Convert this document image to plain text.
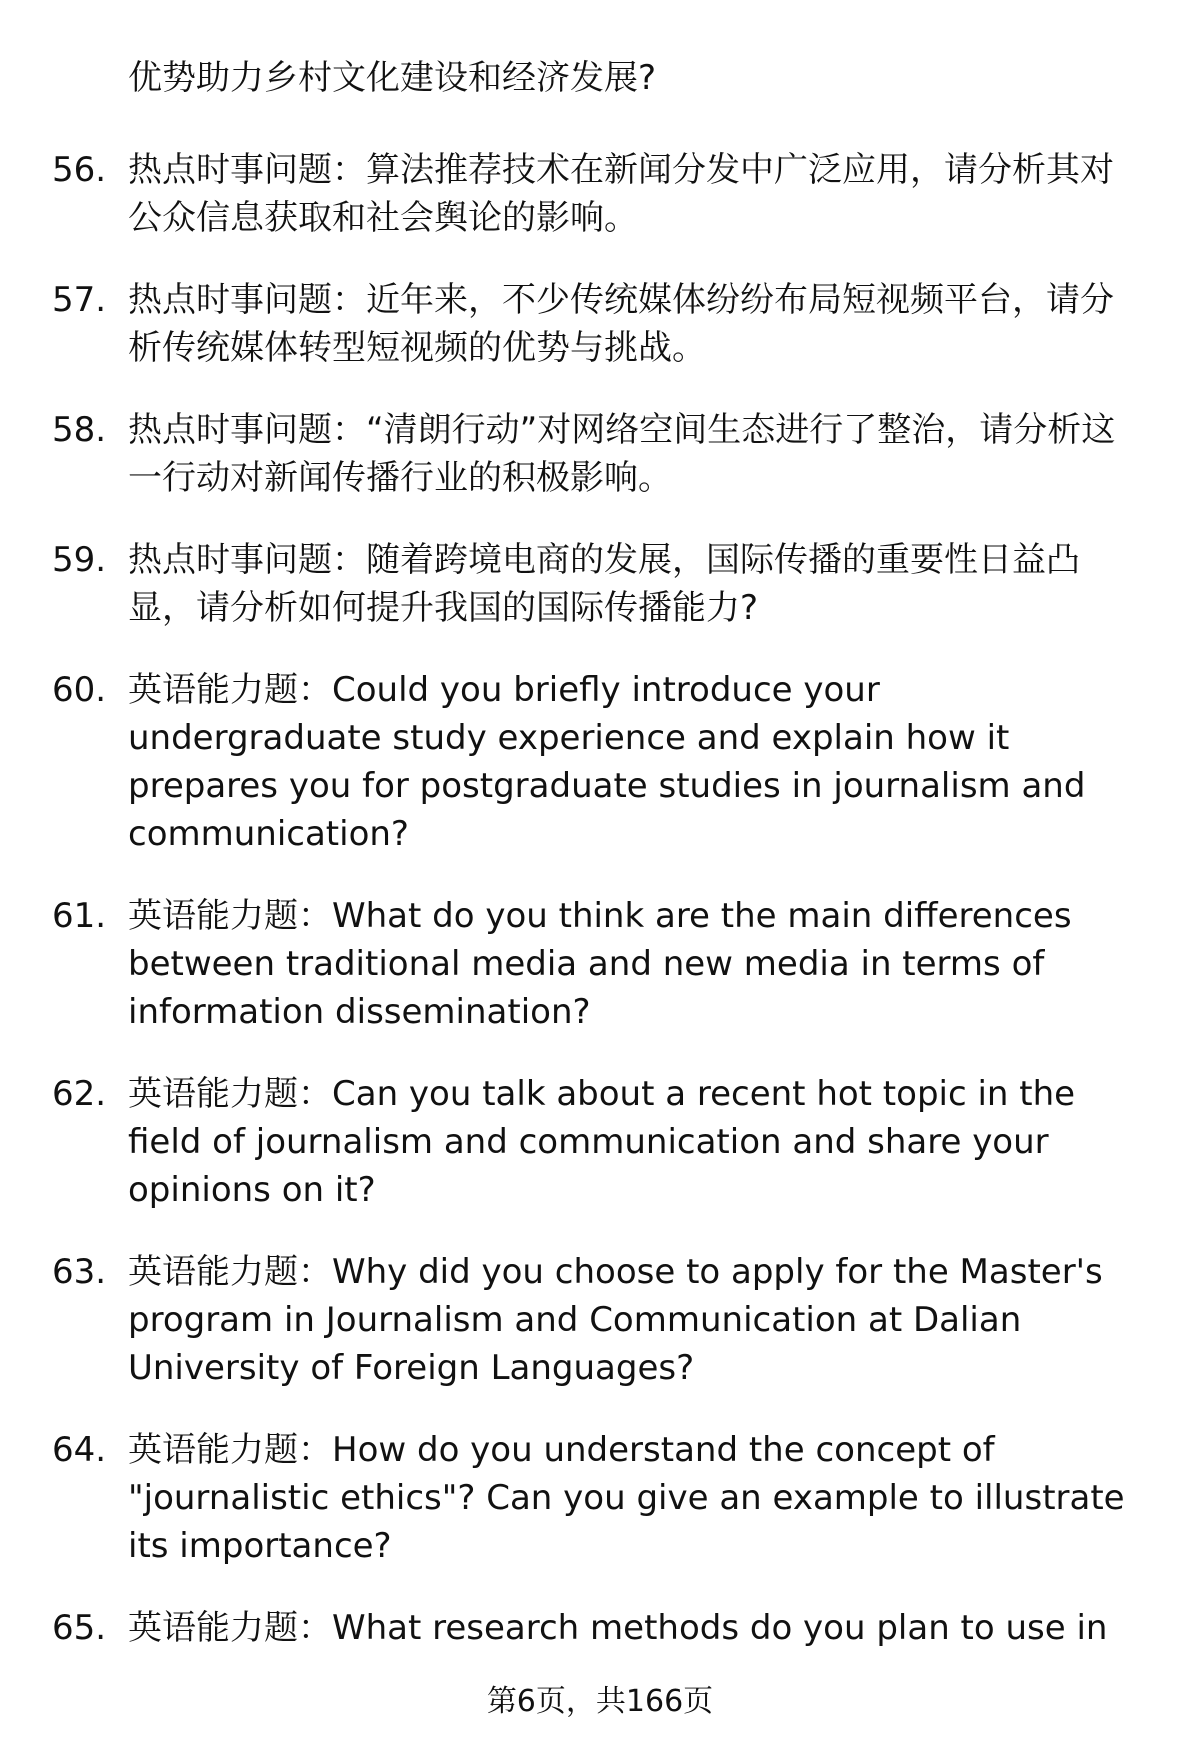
优势助力乡村文化建设和经济发展?
56. 热点时事问题：算法推荐技术在新闻分发中广泛应用，请分析其对公众信息获取和社会舆论的影响。
57. 热点时事问题：近年来，不少传统媒体纷纷布局短视频平台，请分析传统媒体转型短视频的优势与挑战。
58. 热点时事问题：“清朗行动”对网络空间生态进行了整治，请分析这一行动对新闻传播行业的积极影响。
59. 热点时事问题：随着跨境电商的发展，国际传播的重要性日益凸显，请分析如何提升我国的国际传播能力?
60. 英语能力题：Could you briefly introduce your undergraduate study experience and explain how it prepares you for postgraduate studies in journalism and communication?
61. 英语能力题：What do you think are the main differences between traditional media and new media in terms of information dissemination?
62. 英语能力题：Can you talk about a recent hot topic in the field of journalism and communication and share your opinions on it?
63. 英语能力题：Why did you choose to apply for the Master's program in Journalism and Communication at Dalian University of Foreign Languages?
64. 英语能力题：How do you understand the concept of "journalistic ethics"? Can you give an example to illustrate its importance?
65. 英语能力题：What research methods do you plan to use in
第6页，共166页
